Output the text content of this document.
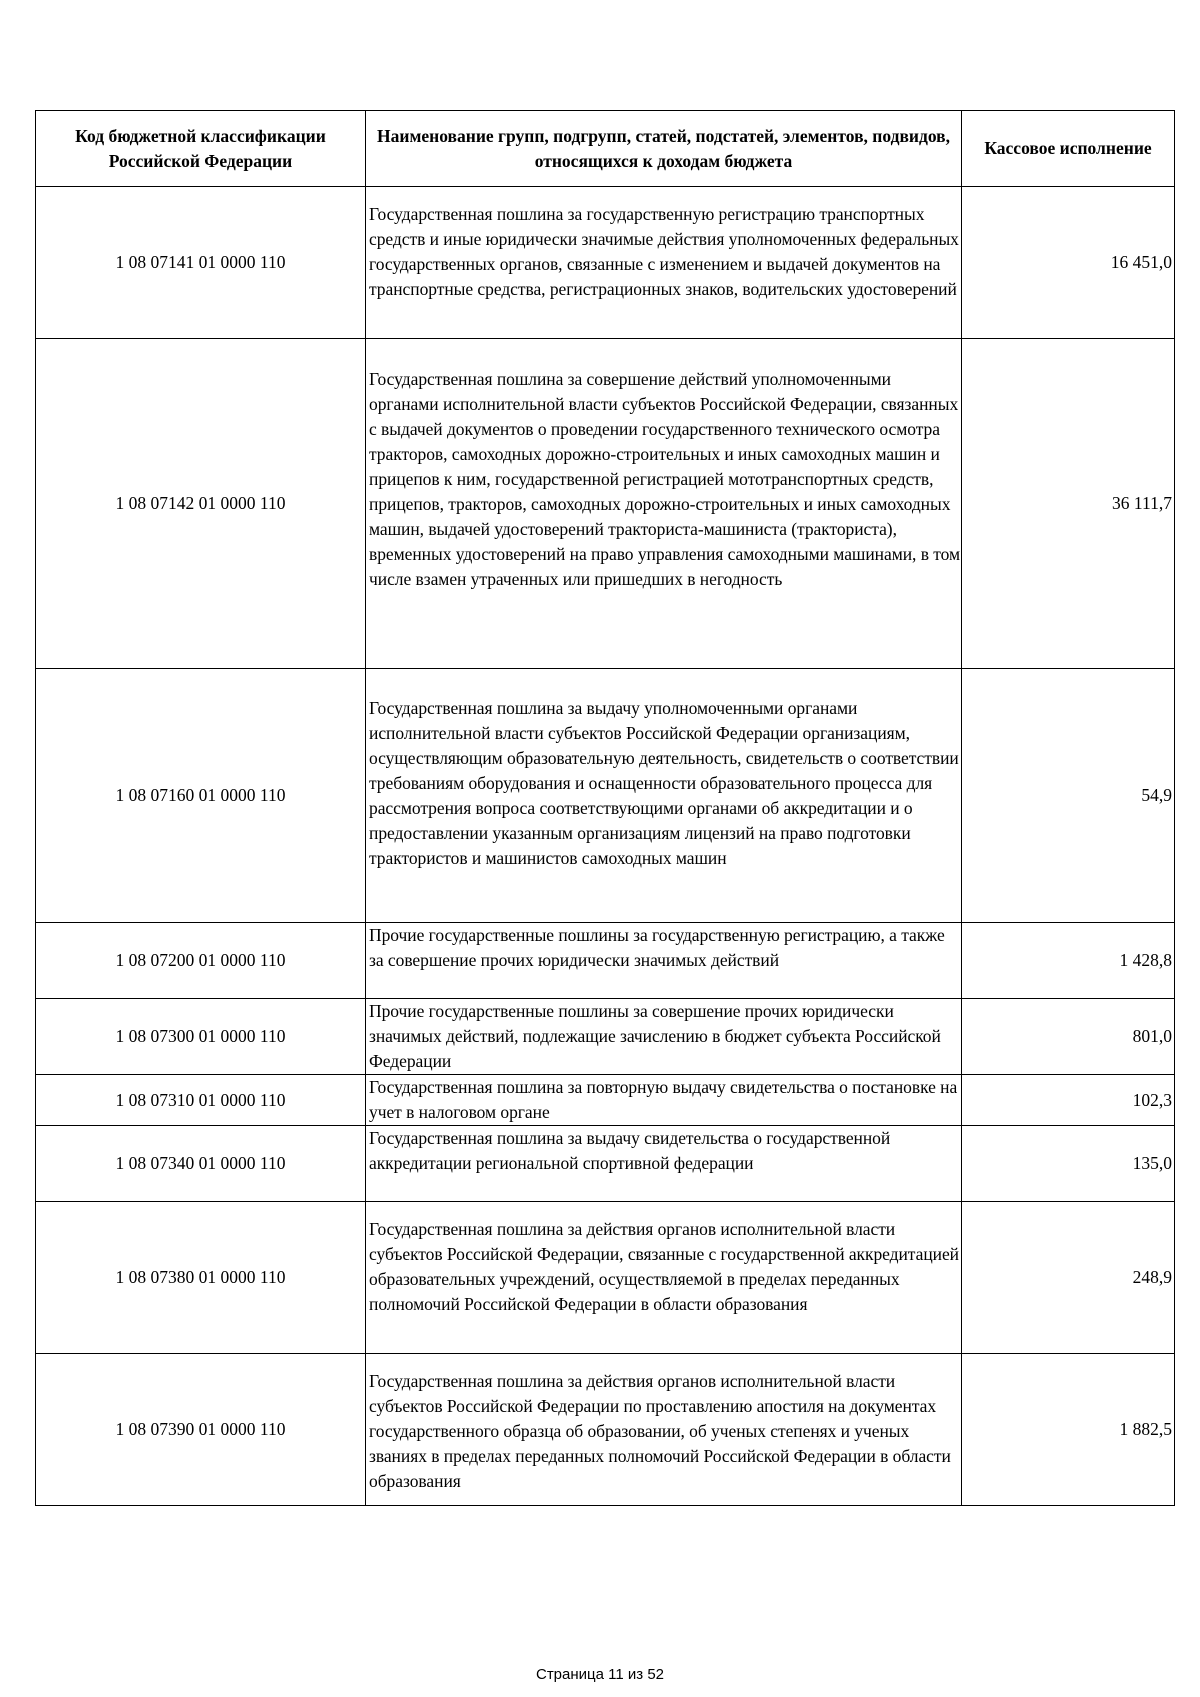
Код бюджетной классификации Российской Федерации	Наименование групп, подгрупп, статей, подстатей, элементов, подвидов, относящихся к доходам бюджета	Кассовое исполнение
1 08 07141 01 0000 110	Государственная пошлина за государственную регистрацию транспортных средств и иные юридически значимые действия уполномоченных федеральных государственных органов, связанные с изменением и выдачей документов на транспортные средства, регистрационных знаков, водительских удостоверений	16 451,0
1 08 07142 01 0000 110	Государственная пошлина за совершение действий уполномоченными органами исполнительной власти субъектов Российской Федерации, связанных с выдачей документов о проведении государственного технического осмотра тракторов, самоходных дорожно-строительных и иных самоходных машин и прицепов к ним, государственной регистрацией мототранспортных средств, прицепов, тракторов, самоходных дорожно-строительных и иных самоходных машин, выдачей удостоверений тракториста-машиниста (тракториста), временных удостоверений на право управления самоходными машинами, в том числе взамен утраченных или пришедших в негодность	36 111,7
1 08 07160 01 0000 110	Государственная пошлина за выдачу уполномоченными органами исполнительной власти субъектов Российской Федерации организациям, осуществляющим образовательную деятельность, свидетельств о соответствии требованиям оборудования и оснащенности образовательного процесса для рассмотрения вопроса соответствующими органами об аккредитации и о предоставлении указанным организациям лицензий на право подготовки трактористов и машинистов самоходных машин	54,9
1 08 07200 01 0000 110	Прочие государственные пошлины за государственную регистрацию, а также за совершение прочих юридически значимых действий	1 428,8
1 08 07300 01 0000 110	Прочие государственные пошлины за совершение прочих юридически значимых действий, подлежащие зачислению в бюджет субъекта Российской Федерации	801,0
1 08 07310 01 0000 110	Государственная пошлина за повторную выдачу свидетельства о постановке на учет в налоговом органе	102,3
1 08 07340 01 0000 110	Государственная пошлина за выдачу свидетельства о государственной аккредитации региональной спортивной федерации	135,0
1 08 07380 01 0000 110	Государственная пошлина за действия органов исполнительной власти субъектов Российской Федерации, связанные с государственной аккредитацией образовательных учреждений, осуществляемой в пределах переданных полномочий Российской Федерации в области образования	248,9
1 08 07390 01 0000 110	Государственная пошлина за действия органов исполнительной власти субъектов Российской Федерации по проставлению апостиля на документах государственного образца об образовании, об ученых степенях и ученых званиях в пределах переданных полномочий Российской Федерации в области образования	1 882,5
Страница 11 из 52
